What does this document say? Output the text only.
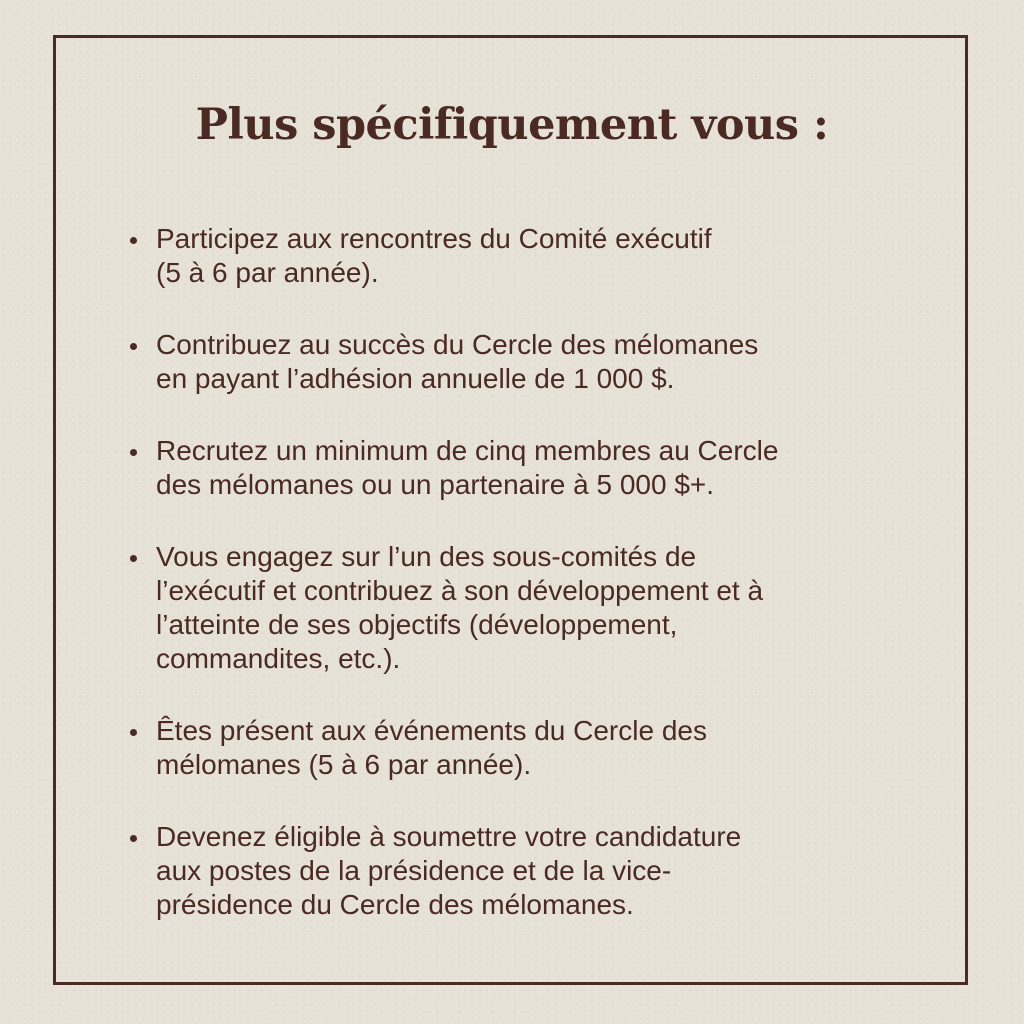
Plus spécifiquement vous :
Participez aux rencontres du Comité exécutif
(5 à 6 par année).
Contribuez au succès du Cercle des mélomanes
en payant l’adhésion annuelle de 1 000 $.
Recrutez un minimum de cinq membres au Cercle
des mélomanes ou un partenaire à 5 000 $+.
Vous engagez sur l’un des sous-comités de
l’exécutif et contribuez à son développement et à
l’atteinte de ses objectifs (développement,
commandites, etc.).
Êtes présent aux événements du Cercle des
mélomanes (5 à 6 par année).
Devenez éligible à soumettre votre candidature
aux postes de la présidence et de la vice-
présidence du Cercle des mélomanes.
